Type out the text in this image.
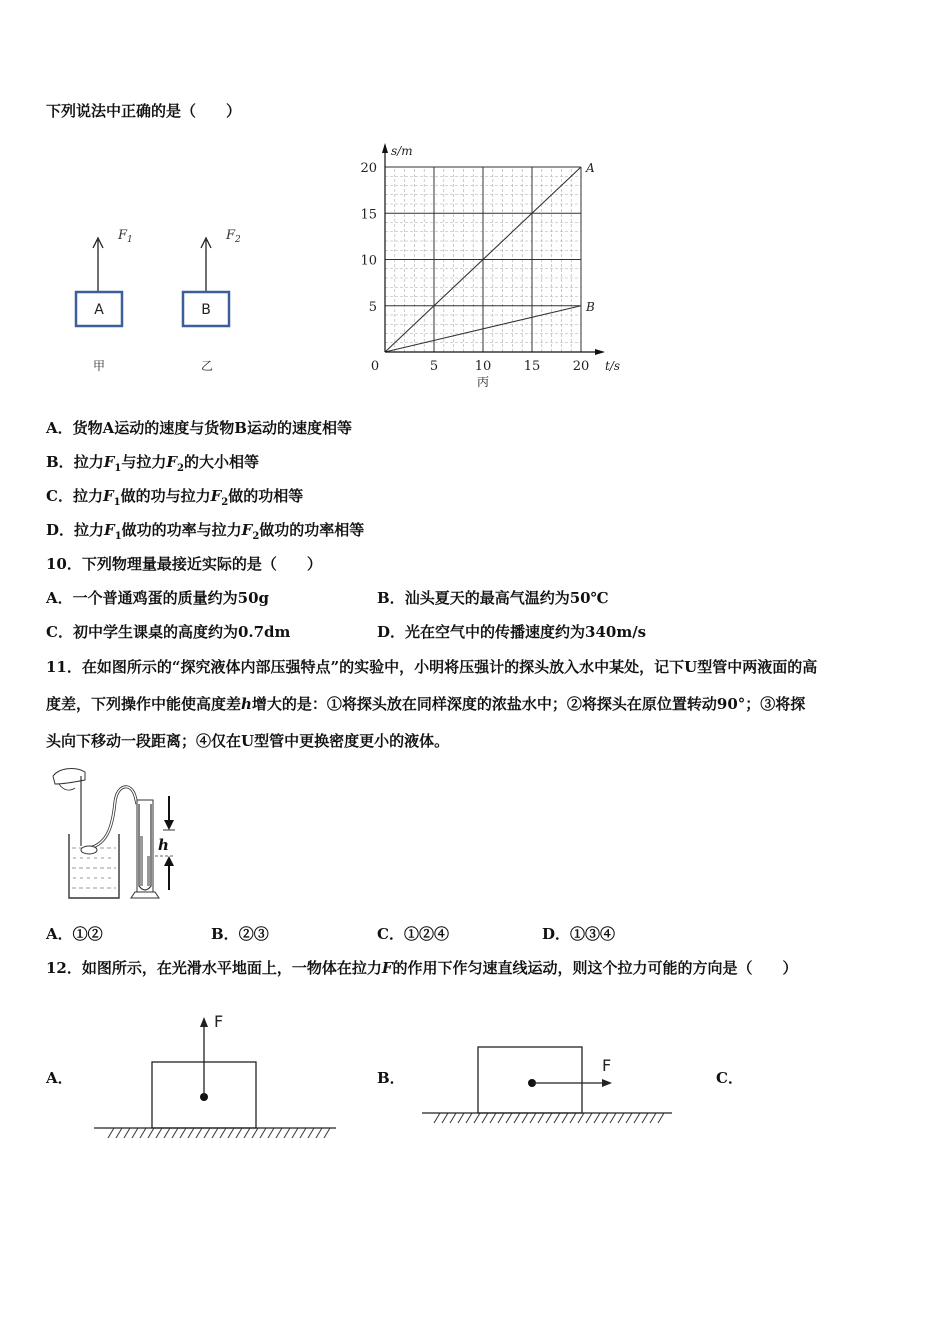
下列说法中正确的是（　　）
F 1
A
甲
F 2
B
乙
A
B
0	5	10 15 20
5
10
15
20
s/m
t/s
丙
A．货物A运动的速度与货物B运动的速度相等
B．拉力$F_1$与拉力$F_2$的大小相等
C．拉力$F_1$做的功与拉力$F_2$做的功相等
D．拉力$F_1$做功的功率与拉力$F_2$做功的功率相等
10．下列物理量最接近实际的是（　　）
A．一个普通鸡蛋的质量约为50g	B．汕头夏天的最高气温约为50℃
C．初中学生课桌的高度约为0.7dm	D．光在空气中的传播速度约为340m/s
11．在如图所示的“探究液体内部压强特点”的实验中，小明将压强计的探头放入水中某处，记下U型管中两液面的高
度差，下列操作中能使高度差h增大的是：①将探头放在同样深度的浓盐水中；②将探头在原位置转动90°；③将探
头向下移动一段距离；④仅在U型管中更换密度更小的液体。
h
A．①②	B．②③	C．①②④	D．①③④
12．如图所示，在光滑水平地面上，一物体在拉力F的作用下作匀速直线运动，则这个拉力可能的方向是（　　）
A．	B．	C．
F
F
